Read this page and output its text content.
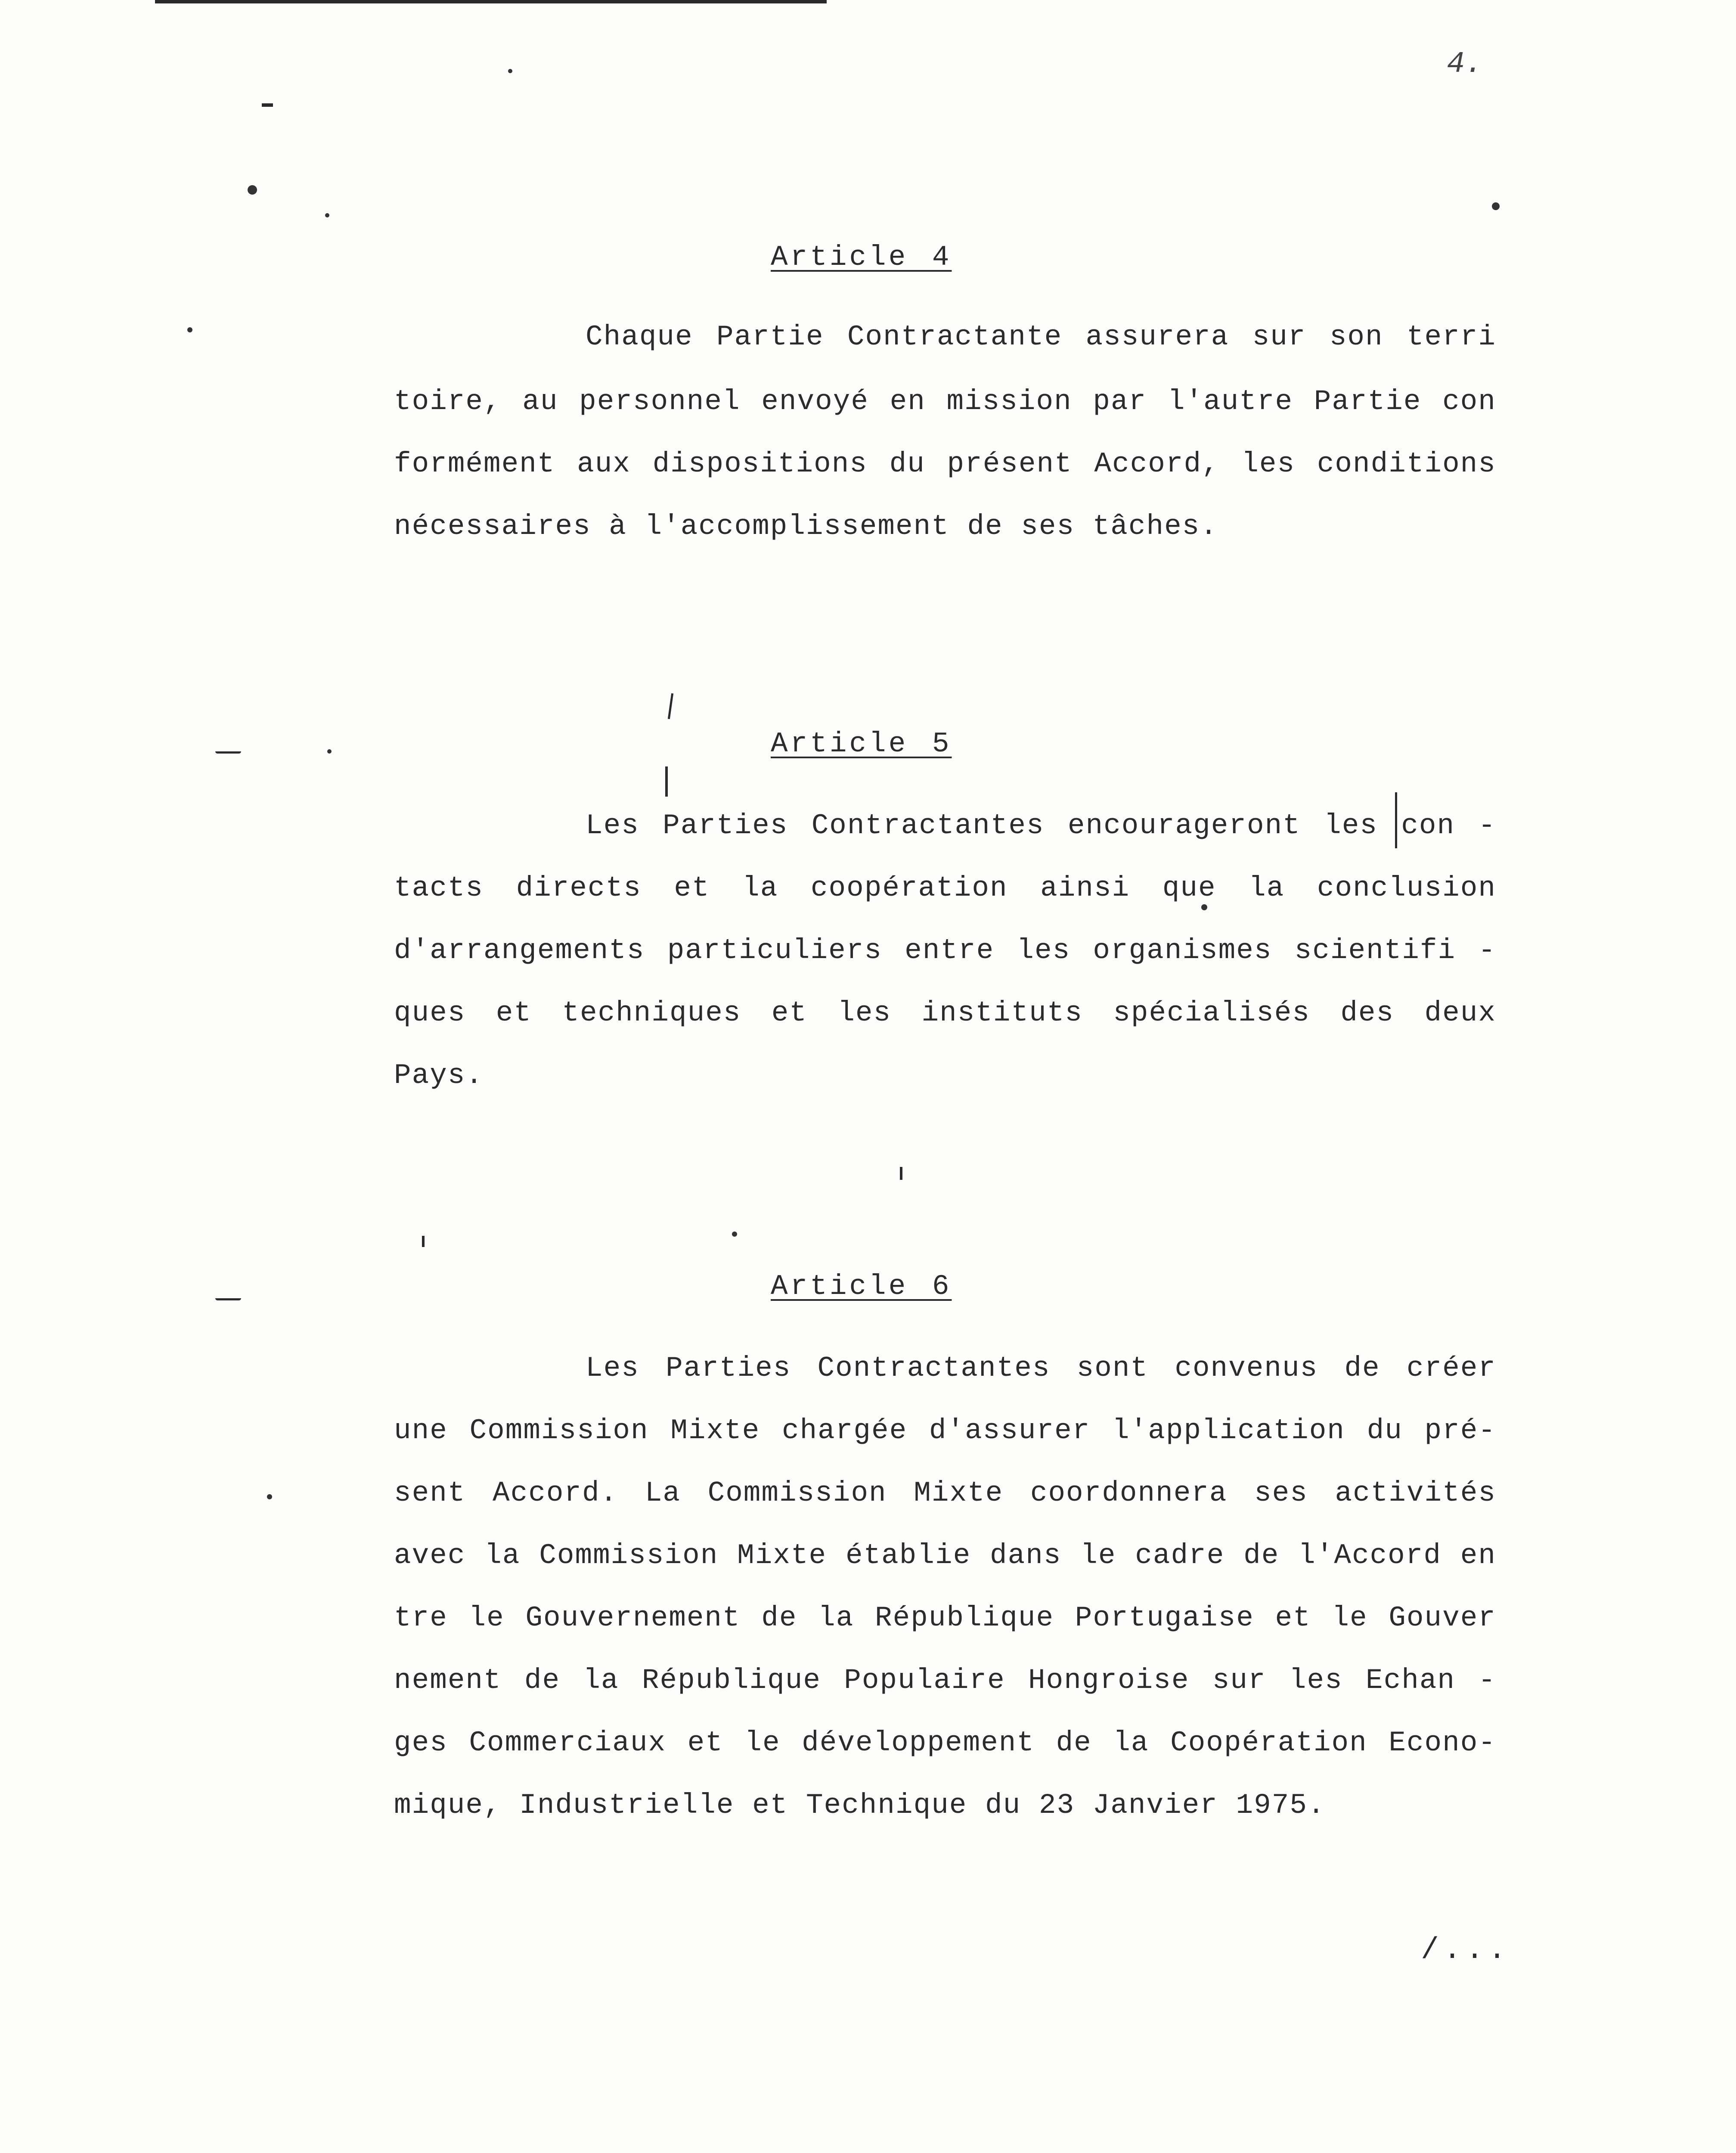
4.
Article 4
Chaque Partie Contractante assurera sur son terri
toire, au personnel envoyé en mission par l'autre Partie con
formément aux dispositions du présent Accord, les conditions
nécessaires à l'accomplissement de ses tâches.
Article 5
Les Parties Contractantes encourageront les con -
tacts directs et la coopération ainsi que la conclusion
d'arrangements particuliers entre les organismes scientifi -
ques et techniques et les instituts spécialisés des deux
Pays.
Article 6
Les Parties Contractantes sont convenus de créer
une Commission Mixte chargée d'assurer l'application du pré-
sent Accord. La Commission Mixte coordonnera ses activités
avec la Commission Mixte établie dans le cadre de l'Accord en
tre le Gouvernement de la République Portugaise et le Gouver
nement de la République Populaire Hongroise sur les Echan -
ges Commerciaux et le développement de la Coopération Econo-
mique, Industrielle et Technique du 23 Janvier 1975.
/...
